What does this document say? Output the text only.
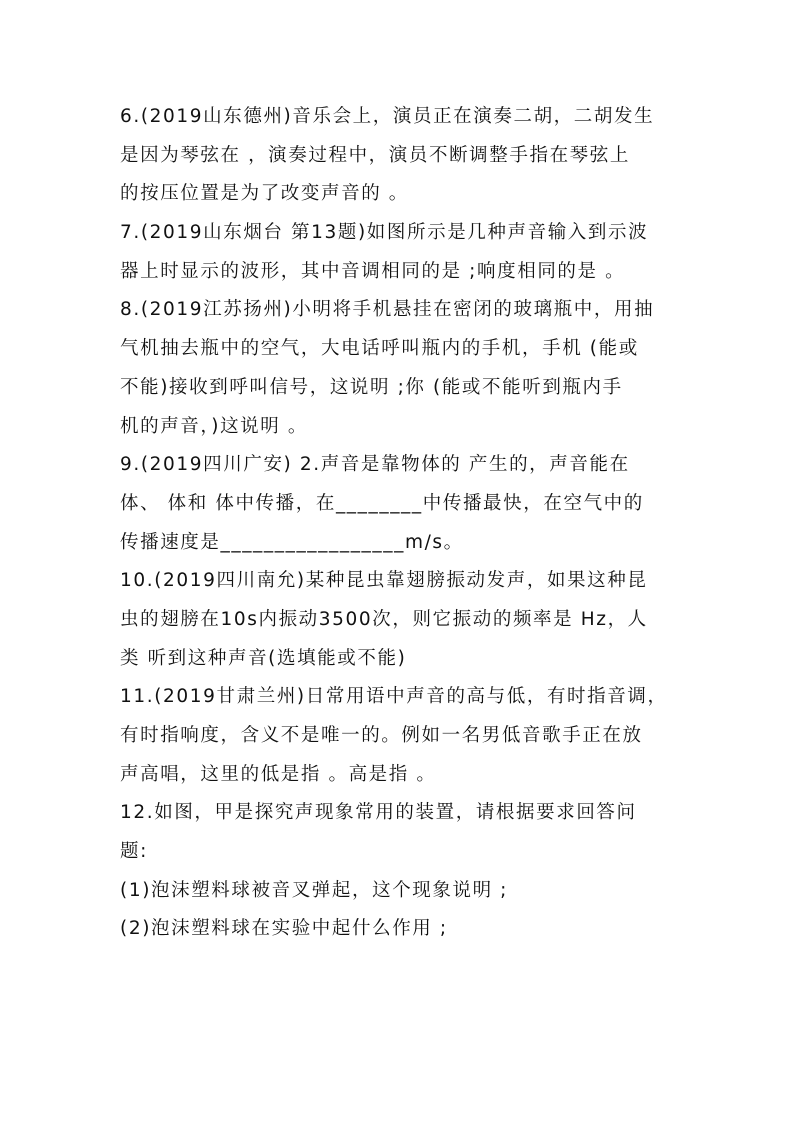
6.(2019山东德州)音乐会上，演员正在演奏二胡，二胡发生
是因为琴弦在 ，演奏过程中，演员不断调整手指在琴弦上
的按压位置是为了改变声音的 。
7.(2019山东烟台 第13题)如图所示是几种声音输入到示波
器上时显示的波形，其中音调相同的是 ;响度相同的是 。
8.(2019江苏扬州)小明将手机悬挂在密闭的玻璃瓶中，用抽
气机抽去瓶中的空气，大电话呼叫瓶内的手机，手机 (能或
不能)接收到呼叫信号，这说明 ;你 (能或不能听到瓶内手
机的声音，)这说明 。
9.(2019四川广安) 2.声音是靠物体的 产生的，声音能在
体、 体和 体中传播，在________中传播最快，在空气中的
传播速度是_________________m/s。
10.(2019四川南允)某种昆虫靠翅膀振动发声，如果这种昆
虫的翅膀在10s内振动3500次，则它振动的频率是 Hz，人
类 听到这种声音(选填能或不能)
11.(2019甘肃兰州)日常用语中声音的高与低，有时指音调，
有时指响度，含义不是唯一的。例如一名男低音歌手正在放
声高唱，这里的低是指 。高是指 。
12.如图，甲是探究声现象常用的装置，请根据要求回答问
题:
(1)泡沫塑料球被音叉弹起，这个现象说明 ;
(2)泡沫塑料球在实验中起什么作用 ;
